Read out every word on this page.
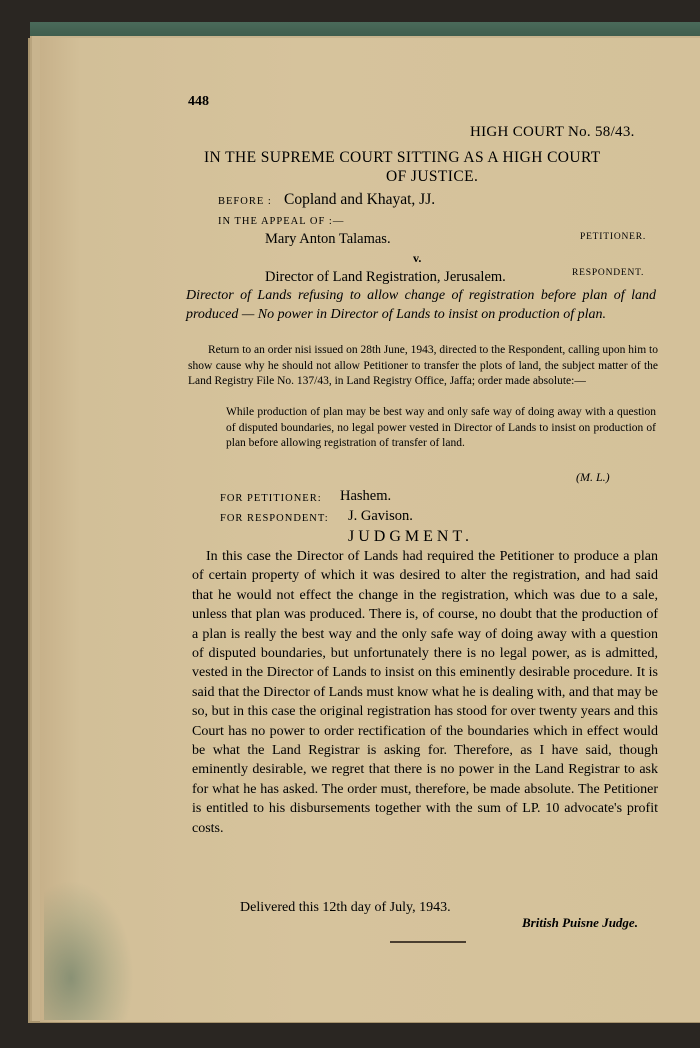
448
HIGH COURT No. 58/43.
IN THE SUPREME COURT SITTING AS A HIGH COURT
OF JUSTICE.
BEFORE : Copland and Khayat, JJ.
IN THE APPEAL OF :—
Mary Anton Talamas.	PETITIONER.
v.
Director of Land Registration, Jerusalem.	RESPONDENT.
Director of Lands refusing to allow change of registration before plan of land produced — No power in Director of Lands to insist on production of plan.
Return to an order nisi issued on 28th June, 1943, directed to the Respondent, calling upon him to show cause why he should not allow Petitioner to transfer the plots of land, the subject matter of the Land Registry File No. 137/43, in Land Registry Office, Jaffa; order made absolute:—
While production of plan may be best way and only safe way of doing away with a question of disputed boundaries, no legal power vested in Director of Lands to insist on production of plan before allowing registration of transfer of land.
(M. L.)
FOR PETITIONER: Hashem.
FOR RESPONDENT: J. Gavison.
JUDGMENT.

In this case the Director of Lands had required the Petitioner to produce a plan of certain property of which it was desired to alter the registration, and had said that he would not effect the change in the registration, which was due to a sale, unless that plan was produced. There is, of course, no doubt that the production of a plan is really the best way and the only safe way of doing away with a question of disputed boundaries, but unfortunately there is no legal power, as is admitted, vested in the Director of Lands to insist on this eminently desirable procedure. It is said that the Director of Lands must know what he is dealing with, and that may be so, but in this case the original registration has stood for over twenty years and this Court has no power to order rectification of the boundaries which in effect would be what the Land Registrar is asking for. Therefore, as I have said, though eminently desirable, we regret that there is no power in the Land Registrar to ask for what he has asked. The order must, therefore, be made absolute. The Petitioner is entitled to his disbursements together with the sum of LP. 10 advocate's profit costs.

Delivered this 12th day of July, 1943.
British Puisne Judge.
